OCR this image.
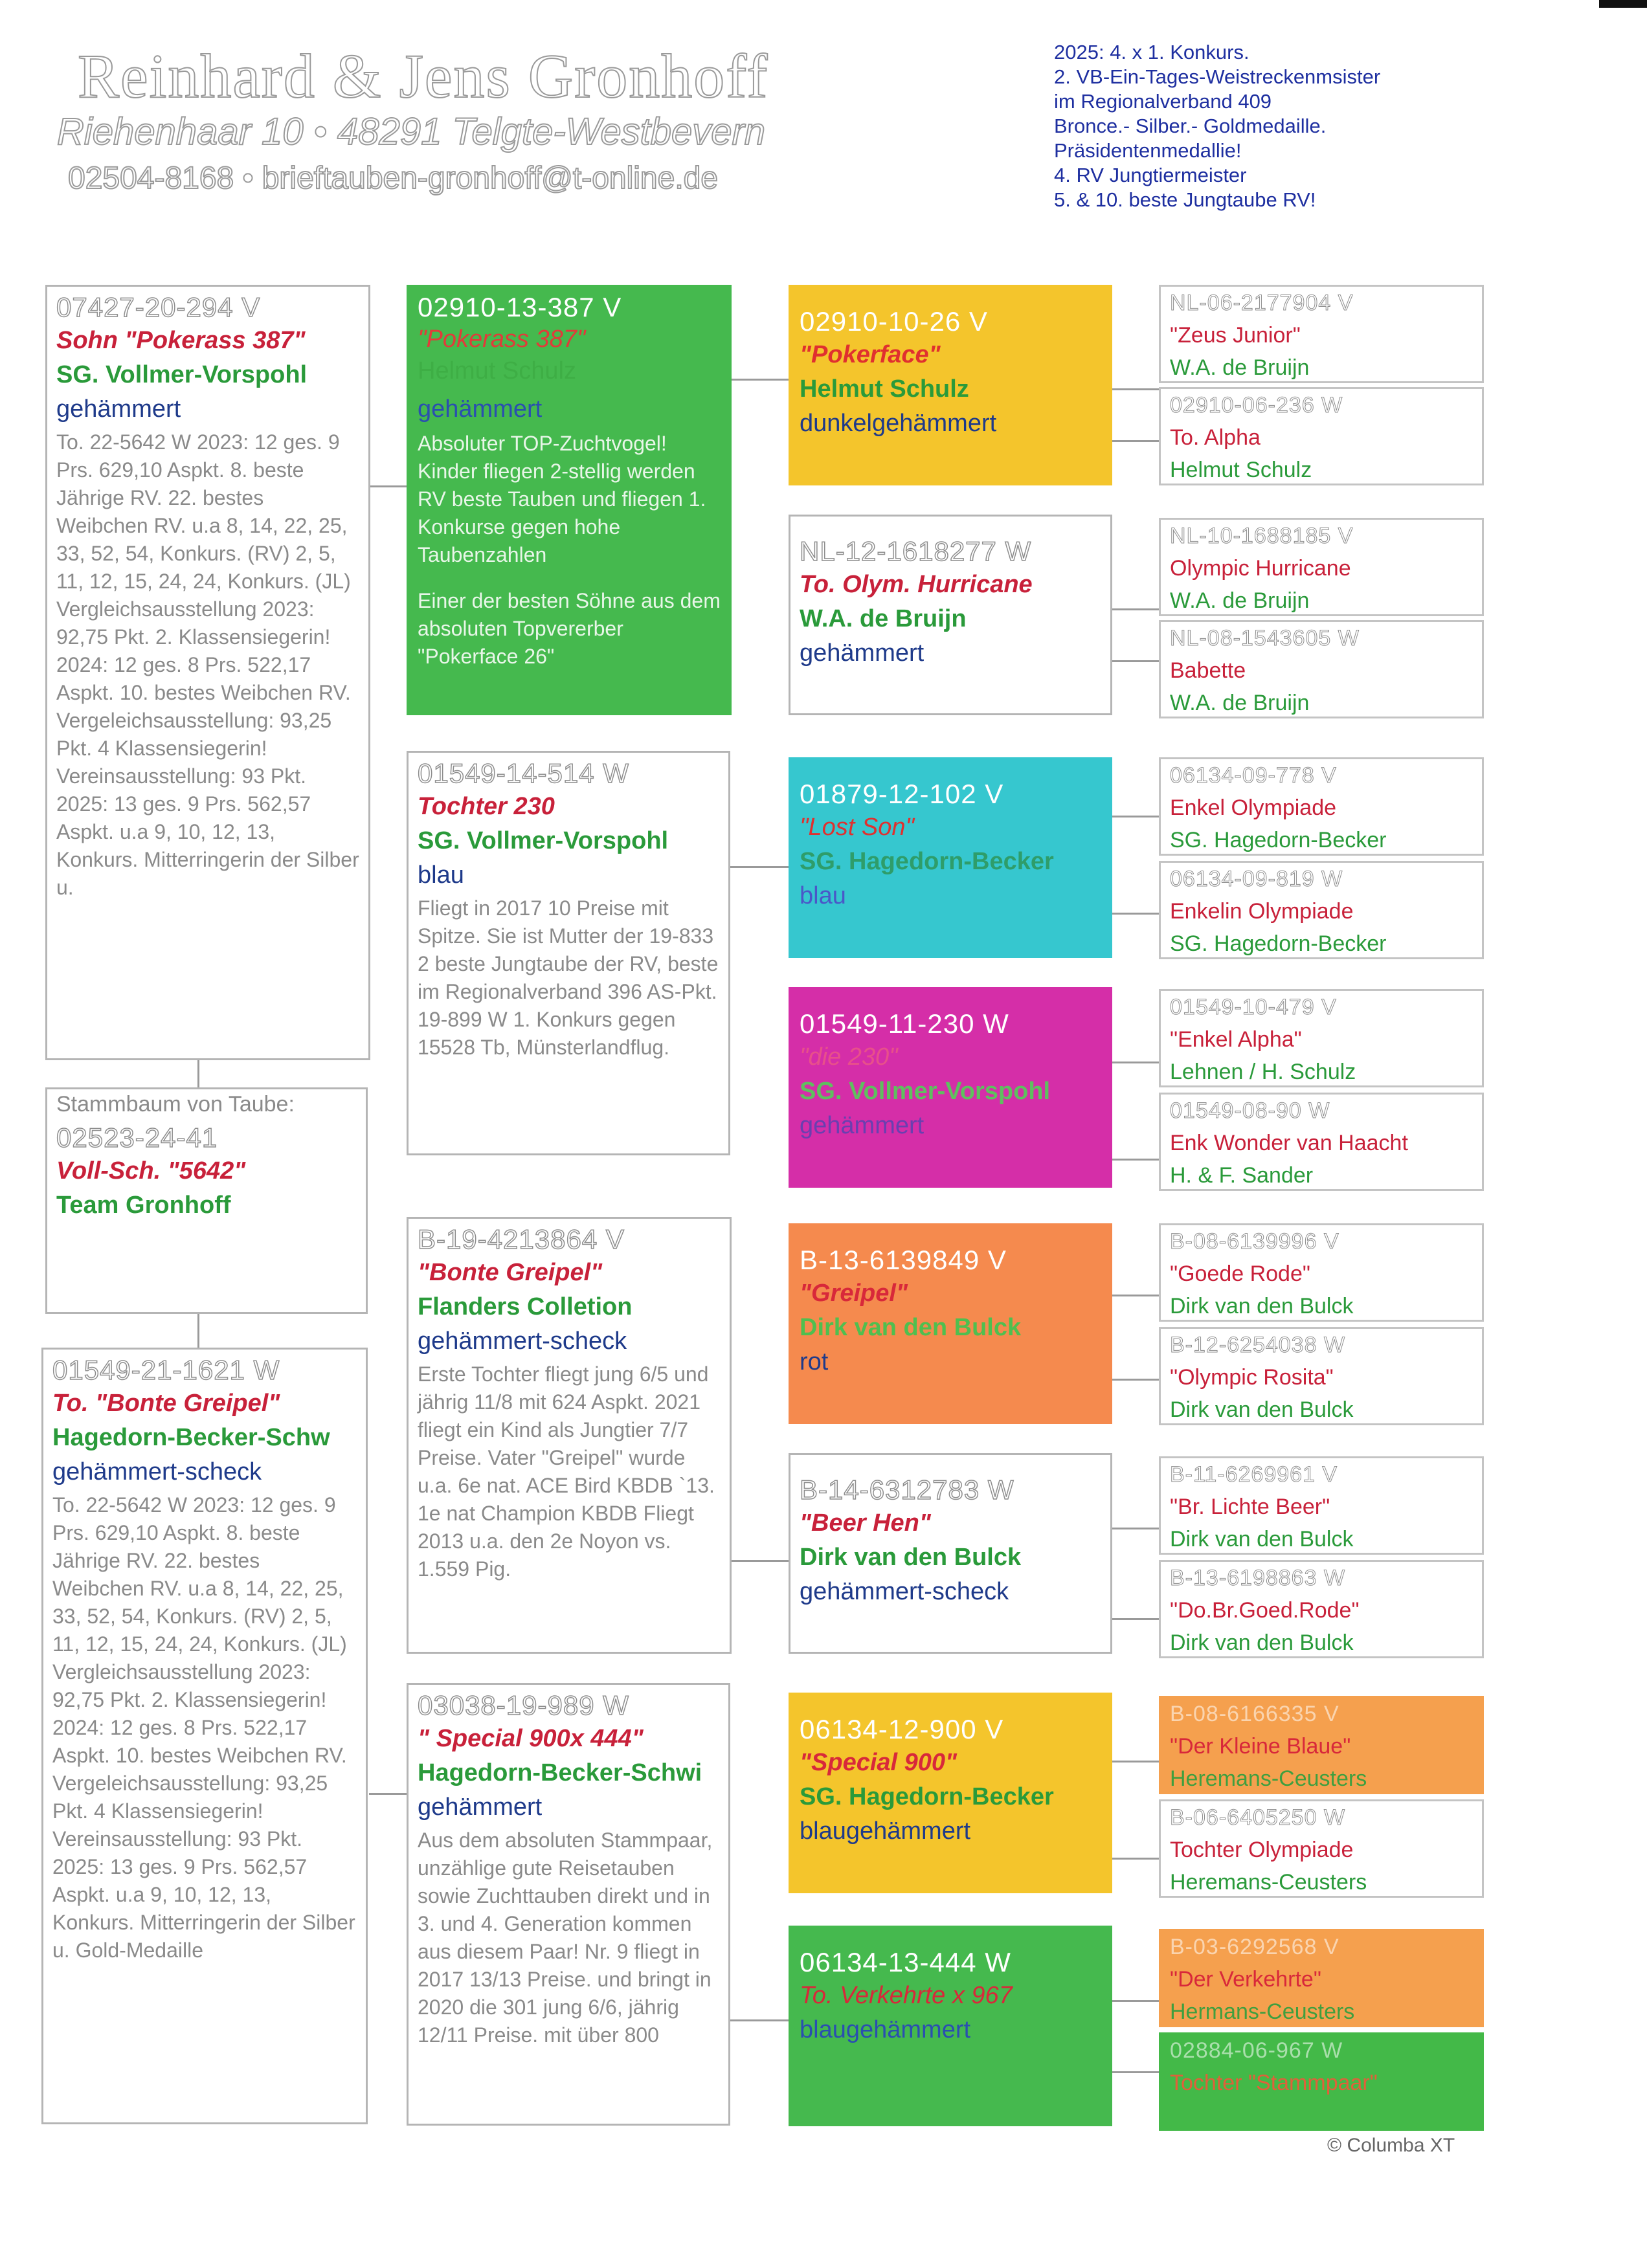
Reinhard & Jens Gronhoff
Riehenhaar 10 • 48291 Telgte-Westbevern
02504-8168 • brieftauben-gronhoff@t-online.de
2025: 4. x 1. Konkurs.
2. VB-Ein-Tages-Weistreckenmsister
im Regionalverband 409
Bronce.- Silber.- Goldmedaille.
Präsidentenmedallie!
4. RV Jungtiermeister
5. & 10. beste Jungtaube RV!
07427-20-294 V
Sohn "Pokerass 387"
SG. Vollmer-Vorspohl
gehämmert
To. 22-5642 W 2023: 12 ges. 9 Prs. 629,10 Aspkt. 8. beste Jährige RV. 22. bestes Weibchen RV. u.a 8, 14, 22, 25, 33, 52, 54, Konkurs. (RV) 2, 5, 11, 12, 15, 24, 24, Konkurs. (JL) Vergleichsausstellung 2023: 92,75 Pkt. 2. Klassensiegerin! 2024: 12 ges. 8 Prs. 522,17 Aspkt. 10. bestes Weibchen RV. Vergeleichsausstellung: 93,25 Pkt. 4 Klassensiegerin! Vereinsausstellung: 93 Pkt. 2025: 13 ges. 9 Prs. 562,57 Aspkt. u.a 9, 10, 12, 13, Konkurs. Mitterringerin der Silber u.
Stammbaum von Taube:
02523-24-41
Voll-Sch. "5642"
Team Gronhoff
01549-21-1621 W
To. "Bonte Greipel"
Hagedorn-Becker-Schw
gehämmert-scheck
To. 22-5642 W 2023: 12 ges. 9 Prs. 629,10 Aspkt. 8. beste Jährige RV. 22. bestes Weibchen RV. u.a 8, 14, 22, 25, 33, 52, 54, Konkurs. (RV) 2, 5, 11, 12, 15, 24, 24, Konkurs. (JL) Vergleichsausstellung 2023: 92,75 Pkt. 2. Klassensiegerin! 2024: 12 ges. 8 Prs. 522,17 Aspkt. 10. bestes Weibchen RV. Vergeleichsausstellung: 93,25 Pkt. 4 Klassensiegerin! Vereinsausstellung: 93 Pkt. 2025: 13 ges. 9 Prs. 562,57 Aspkt. u.a 9, 10, 12, 13, Konkurs. Mitterringerin der Silber u. Gold-Medaille
02910-13-387 V
"Pokerass 387"
Helmut Schulz
gehämmert
Absoluter TOP-Zuchtvogel! Kinder fliegen 2-stellig werden RV beste Tauben und fliegen 1. Konkurse gegen hohe Taubenzahlen
Einer der besten Söhne aus dem absoluten Topvererber "Pokerface 26"
01549-14-514 W
Tochter 230
SG. Vollmer-Vorspohl
blau
Fliegt in 2017 10 Preise mit Spitze. Sie ist Mutter der 19-833 2 beste Jungtaube der RV, beste im Regionalverband 396 AS-Pkt. 19-899 W 1. Konkurs gegen 15528 Tb, Münsterlandflug.
B-19-4213864 V
"Bonte Greipel"
Flanders Colletion
gehämmert-scheck
Erste Tochter fliegt jung 6/5 und jährig 11/8 mit 624 Aspkt. 2021 fliegt ein Kind als Jungtier 7/7 Preise. Vater "Greipel" wurde u.a. 6e nat. ACE Bird KBDB `13. 1e nat Champion KBDB Fliegt 2013 u.a. den 2e Noyon vs. 1.559 Pig.
03038-19-989 W
" Special 900x 444"
Hagedorn-Becker-Schwi
gehämmert
Aus dem absoluten Stammpaar, unzählige gute Reisetauben sowie Zuchttauben direkt und in 3. und 4. Generation kommen aus diesem Paar! Nr. 9 fliegt in 2017 13/13 Preise. und bringt in 2020 die 301 jung 6/6, jährig 12/11 Preise. mit über 800
02910-10-26 V
"Pokerface"
Helmut Schulz
dunkelgehämmert
NL-12-1618277 W
To. Olym. Hurricane
W.A. de Bruijn
gehämmert
01879-12-102 V
"Lost Son"
SG. Hagedorn-Becker
blau
01549-11-230 W
"die 230"
SG. Vollmer-Vorspohl
gehämmert
B-13-6139849 V
"Greipel"
Dirk van den Bulck
rot
B-14-6312783 W
"Beer Hen"
Dirk van den Bulck
gehämmert-scheck
06134-12-900 V
"Special 900"
SG. Hagedorn-Becker
blaugehämmert
06134-13-444 W
To. Verkehrte x 967
blaugehämmert
NL-06-2177904 V
"Zeus Junior"
W.A. de Bruijn
02910-06-236 W
To. Alpha
Helmut Schulz
NL-10-1688185 V
Olympic Hurricane
W.A. de Bruijn
NL-08-1543605 W
Babette
W.A. de Bruijn
06134-09-778 V
Enkel Olympiade
SG. Hagedorn-Becker
06134-09-819 W
Enkelin Olympiade
SG. Hagedorn-Becker
01549-10-479 V
"Enkel Alpha"
Lehnen / H. Schulz
01549-08-90 W
Enk Wonder van Haacht
H. & F. Sander
B-08-6139996 V
"Goede Rode"
Dirk van den Bulck
B-12-6254038 W
"Olympic Rosita"
Dirk van den Bulck
B-11-6269961 V
"Br. Lichte Beer"
Dirk van den Bulck
B-13-6198863 W
"Do.Br.Goed.Rode"
Dirk van den Bulck
B-08-6166335 V
"Der Kleine Blaue"
Heremans-Ceusters
B-06-6405250 W
Tochter Olympiade
Heremans-Ceusters
B-03-6292568 V
"Der Verkehrte"
Hermans-Ceusters
02884-06-967 W
Tochter "Stammpaar"
© Columba XT
